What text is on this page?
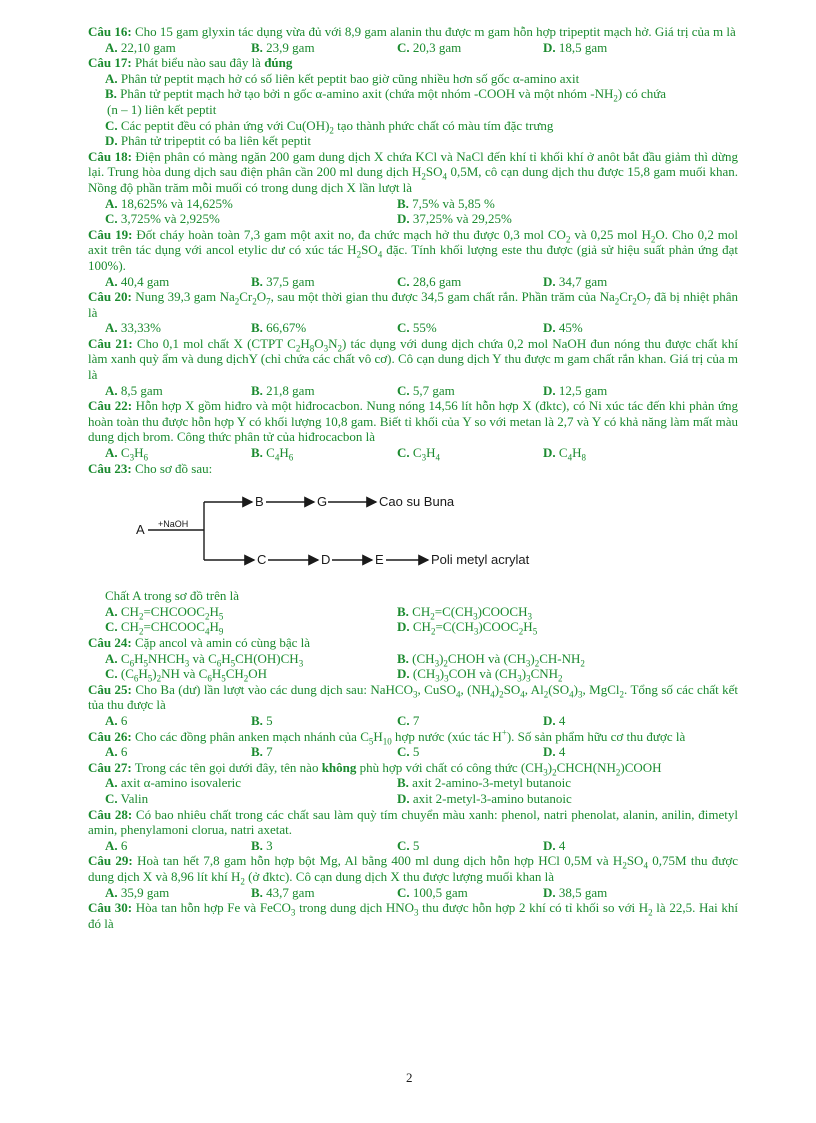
Câu 16: Cho 15 gam glyxin tác dụng vừa đủ với 8,9 gam alanin thu được m gam hỗn hợp tripeptit mạch hở. Giá trị của m là
A. 22,10 gam	B. 23,9 gam	C. 20,3 gam	D. 18,5 gam
Câu 17: Phát biểu nào sau đây là đúng
A. Phân tử peptit mạch hở có số liên kết peptit bao giờ cũng nhiều hơn số gốc α-amino axit
B. Phân tử peptit mạch hở tạo bởi n gốc α-amino axit (chứa một nhóm -COOH và một nhóm $-NH_2$) có chứa
(n – 1) liên kết peptit
C. Các peptit đều có phản ứng với $Cu(OH)_2$ tạo thành phức chất có màu tím đặc trưng
D. Phân tử tripeptit có ba liên kết peptit
Câu 18: Điện phân có màng ngăn 200 gam dung dịch X chứa KCl và NaCl đến khí tỉ khối khí ở anôt bắt đầu giảm thì dừng lại. Trung hòa dung dịch sau điện phân cần 200 ml dung dịch $H_2SO_4$ 0,5M, cô cạn dung dịch thu được 15,8 gam muối khan. Nồng độ phần trăm mỗi muối có trong dung dịch X lần lượt là
A. 18,625% và 14,625%	B. 7,5% và 5,85 %
C. 3,725% và 2,925%	D. 37,25% và 29,25%
Câu 19: Đốt cháy hoàn toàn 7,3 gam một axit no, đa chức mạch hở thu được 0,3 mol $CO_2$ và 0,25 mol $H_2O$. Cho 0,2 mol axit trên tác dụng với ancol etylic dư có xúc tác $H_2SO_4$ đặc. Tính khối lượng este thu được (giả sử hiệu suất phản ứng đạt 100%).
A. 40,4 gam	B. 37,5 gam	C. 28,6 gam	D. 34,7 gam
Câu 20: Nung 39,3 gam $Na_2Cr_2O_7$, sau một thời gian thu được 34,5 gam chất rắn. Phần trăm của $Na_2Cr_2O_7$ đã bị nhiệt phân là
A. 33,33%	B. 66,67%	C. 55%	D. 45%
Câu 21: Cho 0,1 mol chất X (CTPT $C_2H_8O_3N_2$) tác dụng với dung dịch chứa 0,2 mol NaOH đun nóng thu được chất khí làm xanh quỳ ẩm và dung dịchY (chỉ chứa các chất vô cơ). Cô cạn dung dịch Y thu được m gam chất rắn khan. Giá trị của m là
A. 8,5 gam	B. 21,8 gam	C. 5,7 gam	D. 12,5 gam
Câu 22: Hỗn hợp X gồm hiđro và một hiđrocacbon. Nung nóng 14,56 lít hỗn hợp X (đktc), có Ni xúc tác đến khi phản ứng hoàn toàn thu được hỗn hợp Y có khối lượng 10,8 gam. Biết tỉ khối của Y so với metan là 2,7 và Y có khả năng làm mất màu dung dịch brom. Công thức phân tử của hiđrocacbon là
A. $C_3H_6$	B. $C_4H_6$	C. $C_3H_4$	D. $C_4H_8$
Câu 23: Cho sơ đồ sau:
A +NaOH
B	G	Cao su Buna
C	D	E	Poli metyl acrylat
Chất A trong sơ đồ trên là
A. $CH_2=CHCOOC_2H_5$	B. $CH_2=C(CH_3)COOCH_3$
C. $CH_2=CHCOOC_4H_9$	D. $CH_2=C(CH_3)COOC_2H_5$
Câu 24: Cặp ancol và amin có cùng bậc là
A. $C_6H_5NHCH_3$ và $C_6H_5CH(OH)CH_3$	B. $(CH_3)_2CHOH$ và $(CH_3)_2CH-NH_2$
C. $(C_6H_5)_2NH$ và $C_6H_5CH_2OH$	D. $(CH_3)_3COH$ và $(CH_3)_3CNH_2$
Câu 25: Cho Ba (dư) lần lượt vào các dung dịch sau: NaHCO$_3$, CuSO$_4$, $(NH_4)_2SO_4$, $Al_2(SO_4)_3$, MgCl$_2$. Tổng số các chất kết tủa thu được là
A. 6	B. 5	C. 7	D. 4
Câu 26: Cho các đồng phân anken mạch nhánh của $C_5H_{10}$ hợp nước (xúc tác H+). Số sản phẩm hữu cơ thu được là
A. 6	B. 7	C. 5	D. 4
Câu 27: Trong các tên gọi dưới đây, tên nào không phù hợp với chất có công thức $(CH_3)_2CHCH(NH_2)COOH$
A. axit α-amino isovaleric	B. axit 2-amino-3-metyl butanoic
C. Valin	D. axit 2-metyl-3-amino butanoic
Câu 28: Có bao nhiêu chất trong các chất sau làm quỳ tím chuyển màu xanh: phenol, natri phenolat, alanin, anilin, đimetyl amin, phenylamoni clorua, natri axetat.
A. 6	B. 3	C. 5	D. 4
Câu 29: Hoà tan hết 7,8 gam hỗn hợp bột Mg, Al bằng 400 ml dung dịch hỗn hợp HCl 0,5M và $H_2SO_4$ 0,75M thu được dung dịch X và 8,96 lít khí $H_2$ (ở đktc). Cô cạn dung dịch X thu được lượng muối khan là
A. 35,9 gam	B. 43,7 gam	C. 100,5 gam	D. 38,5 gam
Câu 30: Hòa tan hỗn hợp Fe và FeCO$_3$ trong dung dịch $HNO_3$ thu được hỗn hợp 2 khí có tỉ khối so với $H_2$ là 22,5. Hai khí đó là
2
